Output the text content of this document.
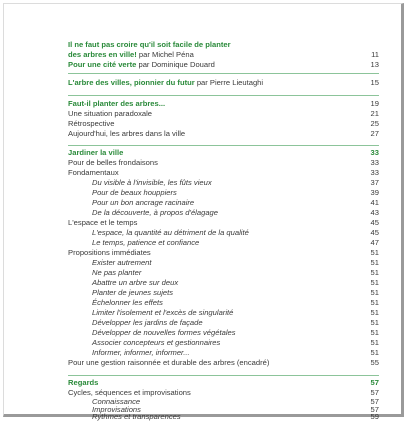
Il ne faut pas croire qu'il soit facile de planter
des arbres en ville! par Michel Péna	11
Pour une cité verte par Dominique Douard	13
L'arbre des villes, pionnier du futur par Pierre Lieutaghi	15
Faut-il planter des arbres...	19
Une situation paradoxale	21
Rétrospective	25
Aujourd'hui, les arbres dans la ville	27
Jardiner la ville	33
Pour de belles frondaisons	33
Fondamentaux	33
Du visible à l'invisible, les fûts vieux	37
Pour de beaux houppiers	39
Pour un bon ancrage racinaire	41
De la découverte, à propos d'élagage	43
L'espace et le temps	45
L'espace, la quantité au détriment de la qualité	45
Le temps, patience et confiance	47
Propositions immédiates	51
Exister autrement	51
Ne pas planter	51
Abattre un arbre sur deux	51
Planter de jeunes sujets	51
Échelonner les effets	51
Limiter l'isolement et l'excès de singularité	51
Développer les jardins de façade	51
Développer de nouvelles formes végétales	51
Associer concepteurs et gestionnaires	51
Informer, informer, informer...	51
Pour une gestion raisonnée et durable des arbres (encadré)	55
Regards	57
Cycles, séquences et improvisations	57
Connaissance	57
Improvisations	57
Rythmes et transparences	59
